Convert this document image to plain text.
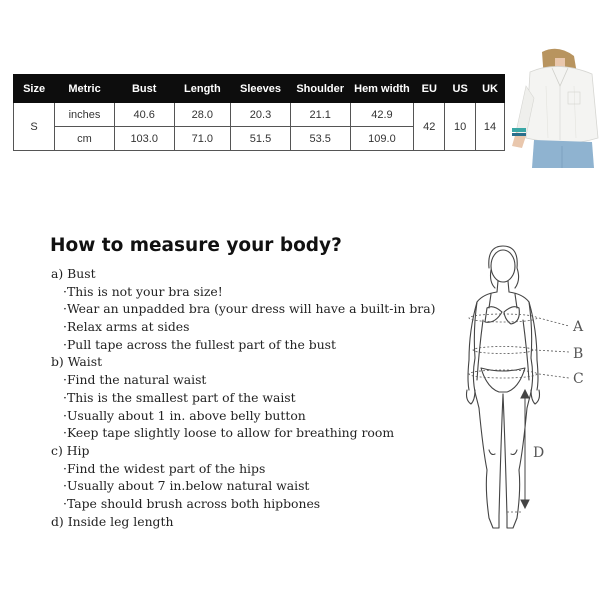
Size	Metric	Bust	Length	Sleeves	Shoulder	Hem width	EU	US	UK
S	inches	40.6	28.0	20.3	21.1	42.9	42	10	14
	cm	103.0	71.0	51.5	53.5	109.0			
How to measure your body?
a) Bust
·This is not your bra size!
·Wear an unpadded bra (your dress will have a built-in bra)
·Relax arms at sides
·Pull tape across the fullest part of the bust
b) Waist
·Find the natural waist
·This is the smallest part of the waist
·Usually about 1 in. above belly button
·Keep tape slightly loose to allow for breathing room
c) Hip
·Find the widest part of the hips
·Usually about 7 in.below natural waist
·Tape should brush across both hipbones
d) Inside leg length
A
B
C
D
